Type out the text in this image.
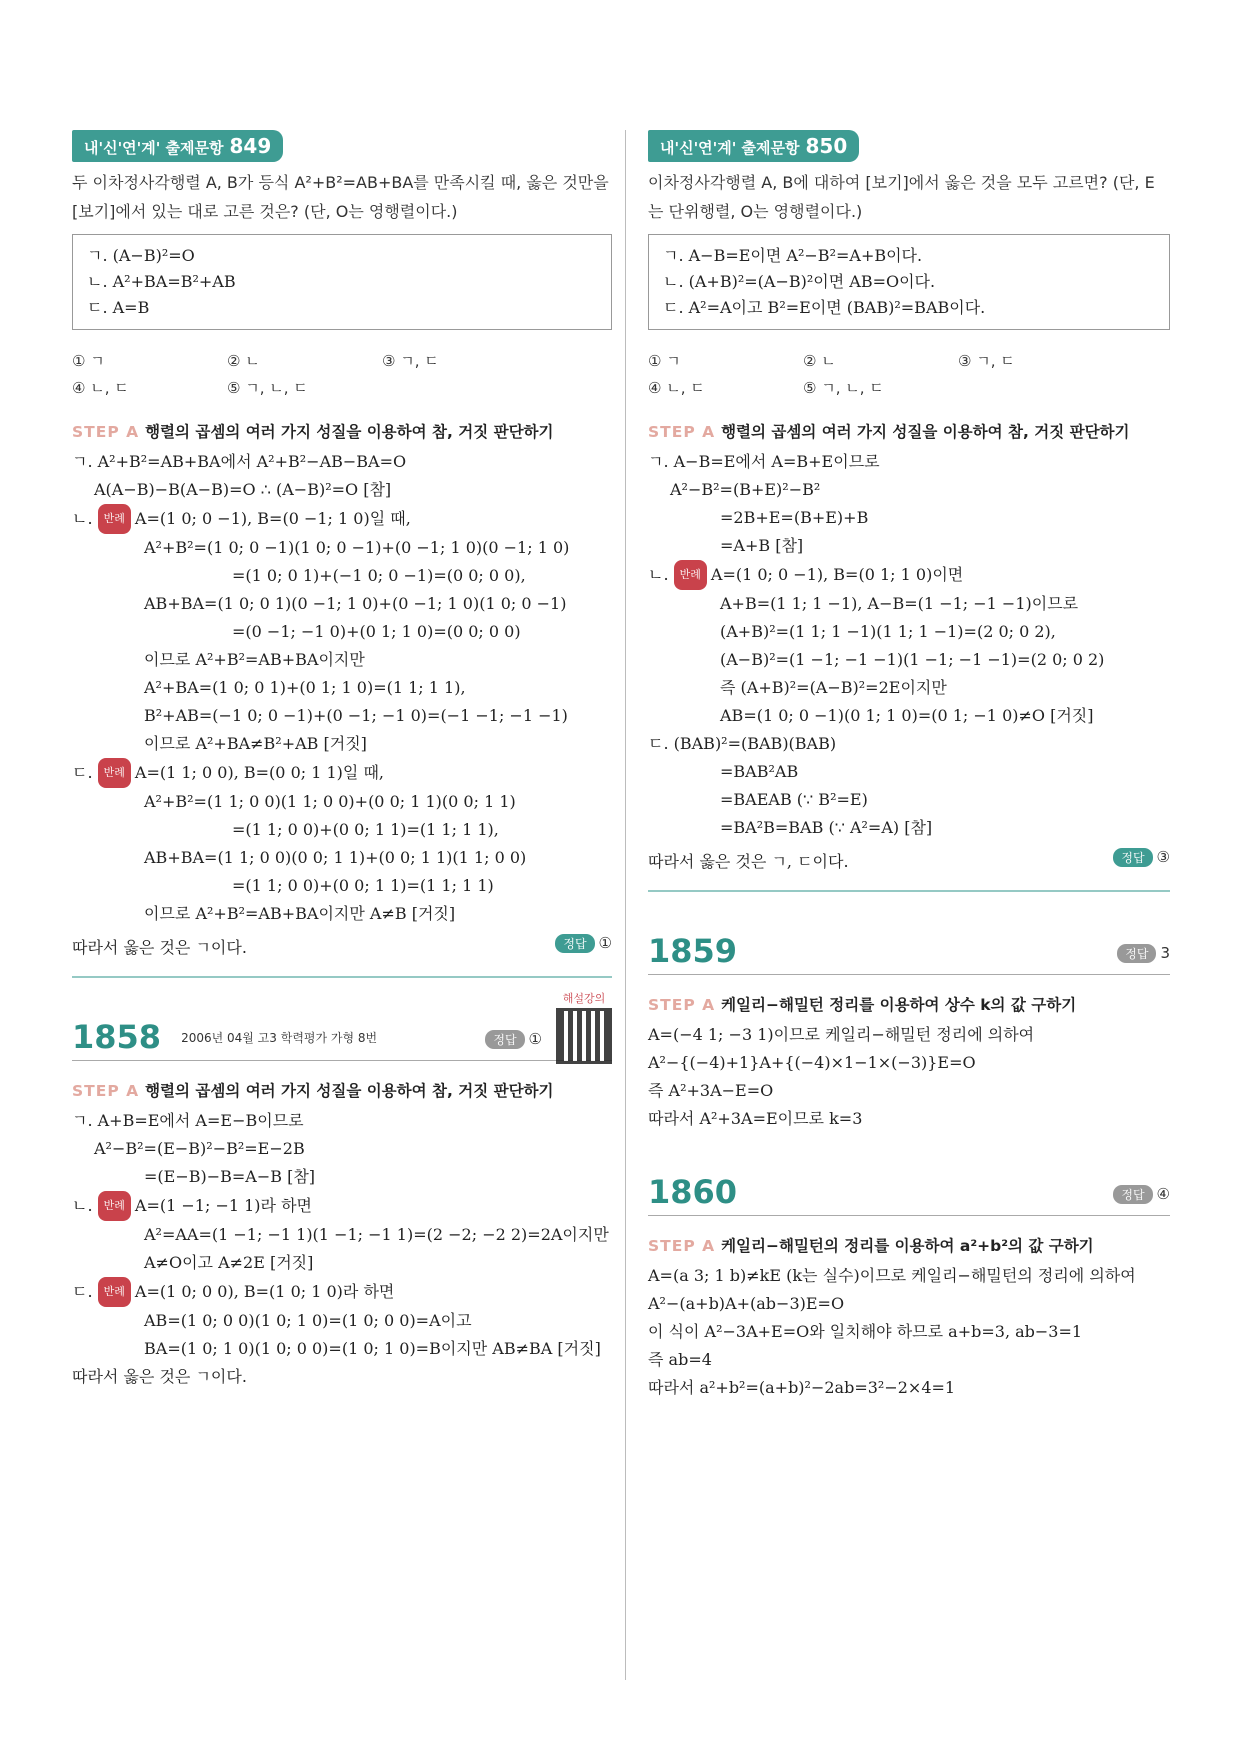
내'신'연'계' 출제문항 849
두 이차정사각행렬 A, B가 등식 A²+B²=AB+BA를 만족시킬 때, 옳은 것만을 [보기]에서 있는 대로 고른 것은? (단, O는 영행렬이다.)
ㄱ. (A−B)²=O
ㄴ. A²+BA=B²+AB
ㄷ. A=B
① ㄱ	② ㄴ	③ ㄱ, ㄷ
④ ㄴ, ㄷ	⑤ ㄱ, ㄴ, ㄷ
STEP A 행렬의 곱셈의 여러 가지 성질을 이용하여 참, 거짓 판단하기
ㄱ. A²+B²=AB+BA에서 A²+B²−AB−BA=O
A(A−B)−B(A−B)=O ∴ (A−B)²=O [참]
ㄴ. 반례 A=(1 0; 0 −1), B=(0 −1; 1 0)일 때,
A²+B²=(1 0; 0 −1)(1 0; 0 −1)+(0 −1; 1 0)(0 −1; 1 0)
=(1 0; 0 1)+(−1 0; 0 −1)=(0 0; 0 0),
AB+BA=(1 0; 0 1)(0 −1; 1 0)+(0 −1; 1 0)(1 0; 0 −1)
=(0 −1; −1 0)+(0 1; 1 0)=(0 0; 0 0)
이므로 A²+B²=AB+BA이지만
A²+BA=(1 0; 0 1)+(0 1; 1 0)=(1 1; 1 1),
B²+AB=(−1 0; 0 −1)+(0 −1; −1 0)=(−1 −1; −1 −1)
이므로 A²+BA≠B²+AB [거짓]
ㄷ. 반례 A=(1 1; 0 0), B=(0 0; 1 1)일 때,
A²+B²=(1 1; 0 0)(1 1; 0 0)+(0 0; 1 1)(0 0; 1 1)
=(1 1; 0 0)+(0 0; 1 1)=(1 1; 1 1),
AB+BA=(1 1; 0 0)(0 0; 1 1)+(0 0; 1 1)(1 1; 0 0)
=(1 1; 0 0)+(0 0; 1 1)=(1 1; 1 1)
이므로 A²+B²=AB+BA이지만 A≠B [거짓]
따라서 옳은 것은 ㄱ이다.	정답 ①
1858 2006년 04월 고3 학력평가 가형 8번	정답 ①
해설강의
STEP A 행렬의 곱셈의 여러 가지 성질을 이용하여 참, 거짓 판단하기
ㄱ. A+B=E에서 A=E−B이므로
A²−B²=(E−B)²−B²=E−2B
=(E−B)−B=A−B [참]
ㄴ. 반례 A=(1 −1; −1 1)라 하면
A²=AA=(1 −1; −1 1)(1 −1; −1 1)=(2 −2; −2 2)=2A이지만
A≠O이고 A≠2E [거짓]
ㄷ. 반례 A=(1 0; 0 0), B=(1 0; 1 0)라 하면
AB=(1 0; 0 0)(1 0; 1 0)=(1 0; 0 0)=A이고
BA=(1 0; 1 0)(1 0; 0 0)=(1 0; 1 0)=B이지만 AB≠BA [거짓]
따라서 옳은 것은 ㄱ이다.
내'신'연'계' 출제문항 850
이차정사각행렬 A, B에 대하여 [보기]에서 옳은 것을 모두 고르면? (단, E는 단위행렬, O는 영행렬이다.)
ㄱ. A−B=E이면 A²−B²=A+B이다.
ㄴ. (A+B)²=(A−B)²이면 AB=O이다.
ㄷ. A²=A이고 B²=E이면 (BAB)²=BAB이다.
① ㄱ	② ㄴ	③ ㄱ, ㄷ
④ ㄴ, ㄷ	⑤ ㄱ, ㄴ, ㄷ
STEP A 행렬의 곱셈의 여러 가지 성질을 이용하여 참, 거짓 판단하기
ㄱ. A−B=E에서 A=B+E이므로
A²−B²=(B+E)²−B²
=2B+E=(B+E)+B
=A+B [참]
ㄴ. 반례 A=(1 0; 0 −1), B=(0 1; 1 0)이면
A+B=(1 1; 1 −1), A−B=(1 −1; −1 −1)이므로
(A+B)²=(1 1; 1 −1)(1 1; 1 −1)=(2 0; 0 2),
(A−B)²=(1 −1; −1 −1)(1 −1; −1 −1)=(2 0; 0 2)
즉 (A+B)²=(A−B)²=2E이지만
AB=(1 0; 0 −1)(0 1; 1 0)=(0 1; −1 0)≠O [거짓]
ㄷ. (BAB)²=(BAB)(BAB)
=BAB²AB
=BAEAB (∵ B²=E)
=BA²B=BAB (∵ A²=A) [참]
따라서 옳은 것은 ㄱ, ㄷ이다.	정답 ③
1859	정답 3
STEP A 케일리−해밀턴 정리를 이용하여 상수 k의 값 구하기
A=(−4 1; −3 1)이므로 케일리−해밀턴 정리에 의하여
A²−{(−4)+1}A+{(−4)×1−1×(−3)}E=O
즉 A²+3A−E=O
따라서 A²+3A=E이므로 k=3
1860	정답 ④
STEP A 케일리−해밀턴의 정리를 이용하여 a²+b²의 값 구하기
A=(a 3; 1 b)≠kE (k는 실수)이므로 케일리−해밀턴의 정리에 의하여
A²−(a+b)A+(ab−3)E=O
이 식이 A²−3A+E=O와 일치해야 하므로 a+b=3, ab−3=1
즉 ab=4
따라서 a²+b²=(a+b)²−2ab=3²−2×4=1
